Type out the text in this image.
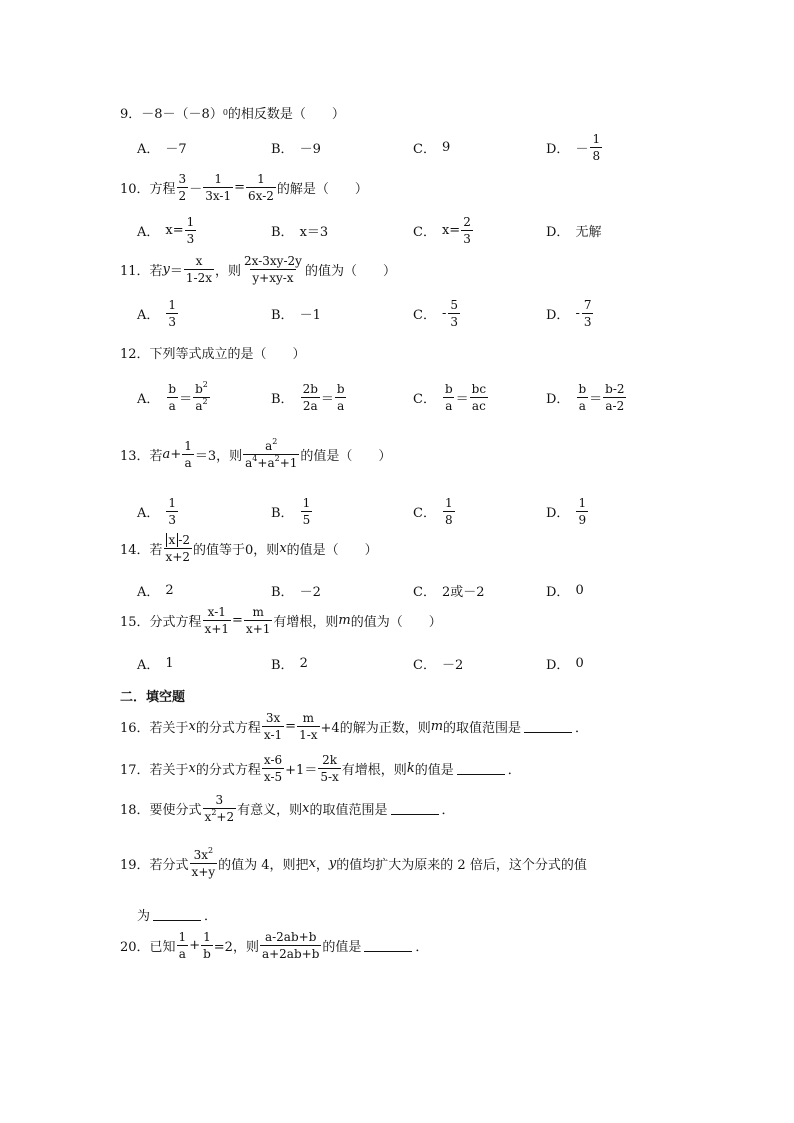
9．－8－（－8） 0 的相反数是（　　）
A． －7	B． －9	C． 9	D． － $\frac{1}{8}$
10．方程 $\frac{3}{2} - \frac{1}{3x-1} = \frac{1}{6x-2}$ 的解是（　　）
A． $x= \frac{1}{3}$	B． x＝3	C． $x= \frac{2}{3}$	D． 无解
11．若 $y = \frac{x}{1-2x}$ ，则 $\frac{2x-3xy-2y}{y+xy-x}$ 的值为（　　）
A． $\frac{1}{3}$	B． －1	C． - $\frac{5}{3}$	D． - $\frac{7}{3}$
12．下列等式成立的是（　　）
A． $\frac{b}{a} = \frac{b^2}{a^2}$	B． $\frac{2b}{2a} = \frac{b}{a}$	C． $\frac{b}{a} = \frac{bc}{ac}$	D． $\frac{b}{a} = \frac{b-2}{a-2}$
13．若 $a + \frac{1}{a} =3$，则 $\frac{a^2}{a^4+a^2+1}$ 的值是（　　）
A． $\frac{1}{3}$	B． $\frac{1}{5}$	C． $\frac{1}{8}$	D． $\frac{1}{9}$
14．若 $\frac{x -2}{x+2}$ 的值等于0，则 x 的值是（　　）
A． 2	B． －2	C． 2或－2	D． 0
15．分式方程 $\frac{x-1}{x+1} = \frac{m}{x+1}$ 有增根，则 m 的值为（　　）
A． 1	B． 2	C． －2	D． 0
二．填空题
16．若关于 x 的分式方程 $\frac{3x}{x-1} = \frac{m}{1-x} +4$的解为正数，则 m 的取值范围是	．
17．若关于 x 的分式方程 $\frac{x-6}{x-5} +1= \frac{2k}{5-x}$ 有增根，则 k 的值是	．
18．要使分式 $\frac{3}{x^2+2}$ 有意义，则 x 的取值范围是	．
19．若分式 $\frac{3x^2}{x+y}$ 的值为 4，则把 x ， y 的值均扩大为原来的 2 倍后，这个分式的值
为	．
20．已知 $\frac{1}{a} + \frac{1}{b} =2$，则 $\frac{a-2ab+b}{a+2ab+b}$ 的值是	．
